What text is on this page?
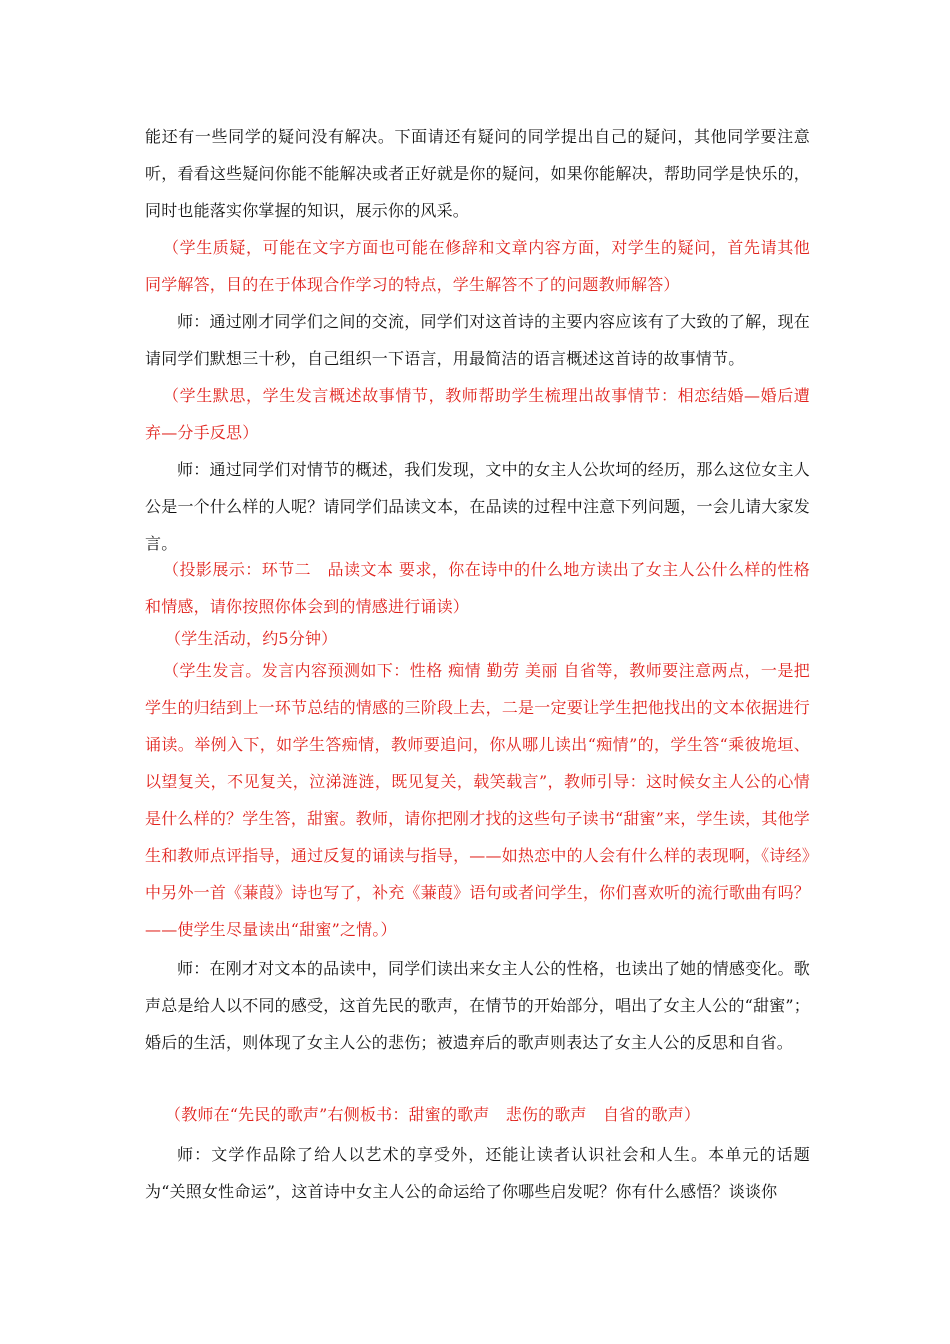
能还有一些同学的疑问没有解决。下面请还有疑问的同学提出自己的疑问，其他同学要注意听，看看这些疑问你能不能解决或者正好就是你的疑问，如果你能解决，帮助同学是快乐的，同时也能落实你掌握的知识，展示你的风采。

（学生质疑，可能在文字方面也可能在修辞和文章内容方面，对学生的疑问，首先请其他同学解答，目的在于体现合作学习的特点，学生解答不了的问题教师解答）

师：通过刚才同学们之间的交流，同学们对这首诗的主要内容应该有了大致的了解，现在请同学们默想三十秒，自己组织一下语言，用最简洁的语言概述这首诗的故事情节。

（学生默思，学生发言概述故事情节，教师帮助学生梳理出故事情节：相恋结婚—婚后遭弃—分手反思）

师：通过同学们对情节的概述，我们发现，文中的女主人公坎坷的经历，那么这位女主人公是一个什么样的人呢？请同学们品读文本，在品读的过程中注意下列问题，一会儿请大家发言。

（投影展示：环节二　品读文本 要求，你在诗中的什么地方读出了女主人公什么样的性格和情感，请你按照你体会到的情感进行诵读）

（学生活动，约5分钟）

（学生发言。发言内容预测如下：性格 痴情 勤劳 美丽 自省等，教师要注意两点，一是把学生的归结到上一环节总结的情感的三阶段上去，二是一定要让学生把他找出的文本依据进行诵读。举例入下，如学生答痴情，教师要追问，你从哪儿读出“痴情”的，学生答“乘彼垝垣、以望复关，不见复关，泣涕涟涟，既见复关，载笑载言”，教师引导：这时候女主人公的心情是什么样的？学生答，甜蜜。教师，请你把刚才找的这些句子读书“甜蜜”来，学生读，其他学生和教师点评指导，通过反复的诵读与指导，——如热恋中的人会有什么样的表现啊，《诗经》中另外一首《蒹葭》诗也写了，补充《蒹葭》语句或者问学生，你们喜欢听的流行歌曲有吗？——使学生尽量读出“甜蜜”之情。）

师：在刚才对文本的品读中，同学们读出来女主人公的性格，也读出了她的情感变化。歌声总是给人以不同的感受，这首先民的歌声，在情节的开始部分，唱出了女主人公的“甜蜜”；婚后的生活，则体现了女主人公的悲伤；被遗弃后的歌声则表达了女主人公的反思和自省。

（教师在“先民的歌声”右侧板书：甜蜜的歌声　悲伤的歌声　自省的歌声）

师：文学作品除了给人以艺术的享受外，还能让读者认识社会和人生。本单元的话题为“关照女性命运”，这首诗中女主人公的命运给了你哪些启发呢？你有什么感悟？谈谈你
